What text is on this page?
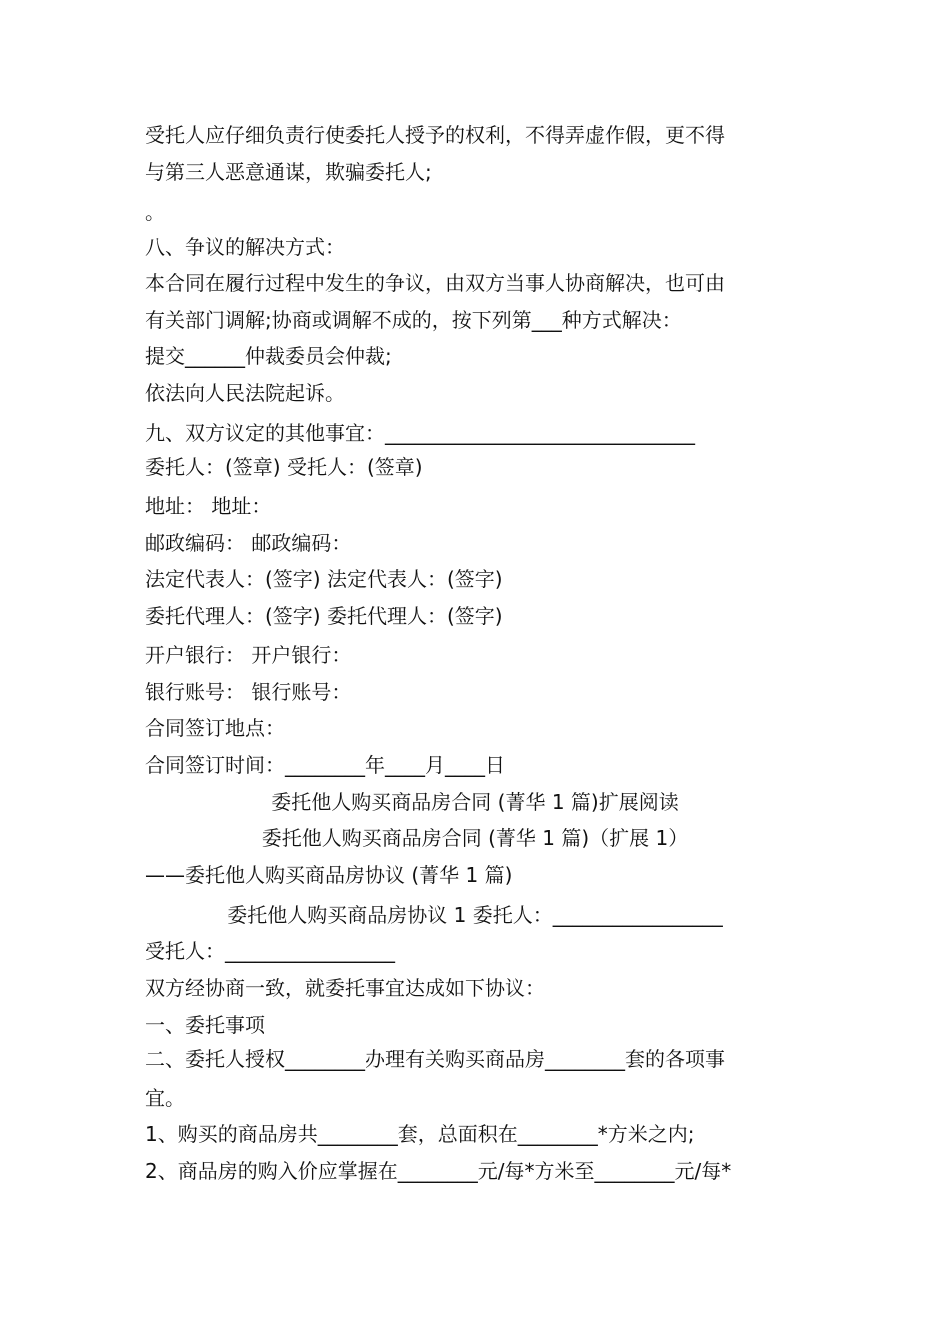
受托人应仔细负责行使委托人授予的权利，不得弄虚作假，更不得
与第三人恶意通谋，欺骗委托人;
。
八、争议的解决方式：
本合同在履行过程中发生的争议，由双方当事人协商解决，也可由
有关部门调解;协商或调解不成的，按下列第___种方式解决：
提交______仲裁委员会仲裁;
依法向人民法院起诉。
九、双方议定的其他事宜：_______________________________
委托人：(签章) 受托人：(签章)
地址： 地址：
邮政编码： 邮政编码：
法定代表人：(签字) 法定代表人：(签字)
委托代理人：(签字) 委托代理人：(签字)
开户银行： 开户银行：
银行账号： 银行账号：
合同签订地点：
合同签订时间：________年____月____日
委托他人购买商品房合同 (菁华 1 篇)扩展阅读
委托他人购买商品房合同 (菁华 1 篇)（扩展 1）
——委托他人购买商品房协议 (菁华 1 篇)
委托他人购买商品房协议 1 委托人：_________________
受托人：_________________
双方经协商一致，就委托事宜达成如下协议：
一、委托事项
二、委托人授权________办理有关购买商品房________套的各项事
宜。
1、购买的商品房共________套，总面积在________*方米之内;
2、商品房的购入价应掌握在________元/每*方米至________元/每*
